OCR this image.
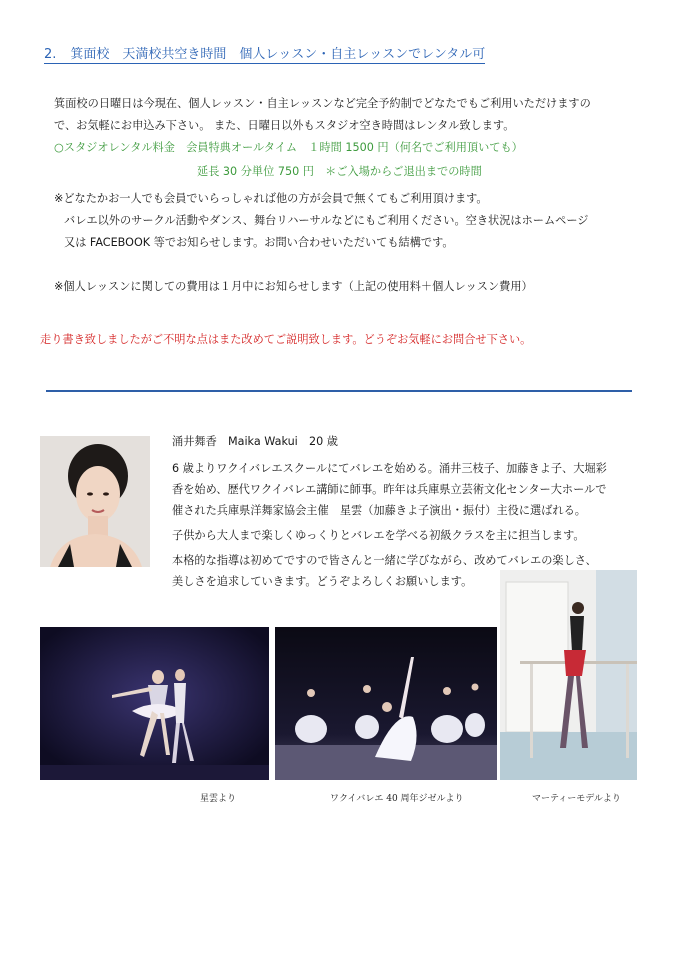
2. 箕面校　天満校共空き時間　個人レッスン・自主レッスンでレンタル可
箕面校の日曜日は今現在、個人レッスン・自主レッスンなど完全予約制でどなたでもご利用いただけますの
で、お気軽にお申込み下さい。 また、日曜日以外もスタジオ空き時間はレンタル致します。
○スタジオレンタル料金　会員特典オールタイム　１時間 1500 円（何名でご利用頂いても）
延長 30 分単位 750 円　＊ご入場からご退出までの時間
※どなたかお一人でも会員でいらっしゃれば他の方が会員で無くてもご利用頂けます。
バレエ以外のサークル活動やダンス、舞台リハーサルなどにもご利用ください。空き状況はホームページ
又は FACEBOOK 等でお知らせします。お問い合わせいただいても結構です。
※個人レッスンに関しての費用は１月中にお知らせします（上記の使用料＋個人レッスン費用）
走り書き致しましたがご不明な点はまた改めてご説明致します。どうぞお気軽にお問合せ下さい。
涌井舞香　Maika Wakui　20 歳
6 歳よりワクイバレエスクールにてバレエを始める。涌井三枝子、加藤きよ子、大堀彩
香を始め、歴代ワクイバレエ講師に師事。昨年は兵庫県立芸術文化センター大ホールで
催された兵庫県洋舞家協会主催　星雲（加藤きよ子演出・振付）主役に選ばれる。
子供から大人まで楽しくゆっくりとバレエを学べる初級クラスを主に担当します。
本格的な指導は初めてですので皆さんと一緒に学びながら、改めてバレエの楽しさ、
美しさを追求していきます。どうぞよろしくお願いします。
星雲より	ワクイバレエ 40 周年ジゼルより	マーティーモデルより
